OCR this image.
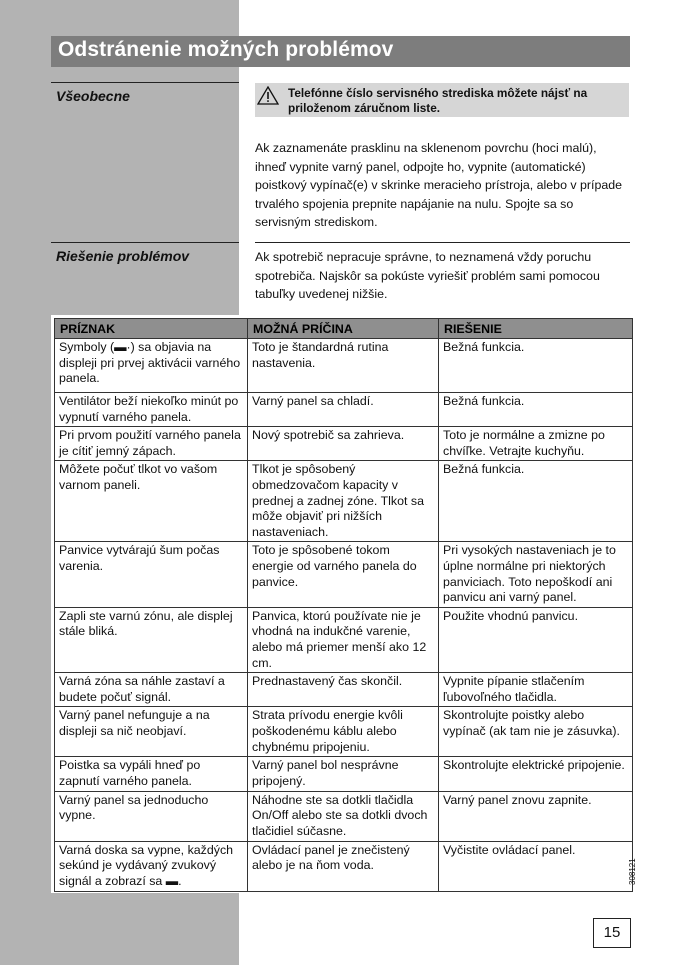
Odstránenie možných problémov
Všeobecne	Telefónne číslo servisného strediska môžete nájsť na priloženom záručnom liste.
Ak zaznamenáte prasklinu na sklenenom povrchu (hoci malú), ihneď vypnite varný panel, odpojte ho, vypnite (automatické) poistkový vypínač(e) v skrinke meracieho prístroja, alebo v prípade trvalého spojenia prepnite napájanie na nulu. Spojte sa so servisným strediskom.
Riešenie problémov	Ak spotrebič nepracuje správne, to neznamená vždy poruchu spotrebiča. Najskôr sa pokúste vyriešiť problém sami pomocou tabuľky uvedenej nižšie.
PRÍZNAK	MOŽNÁ PRÍČINA	RIEŠENIE
Symboly (▬·) sa objavia na displeji pri prvej aktivácii varného panela.	Toto je štandardná rutina nastavenia.	Bežná funkcia.
Ventilátor beží niekoľko minút po vypnutí varného panela.	Varný panel sa chladí.	Bežná funkcia.
Pri prvom použití varného panela je cítiť jemný zápach.	Nový spotrebič sa zahrieva.	Toto je normálne a zmizne po chvíľke. Vetrajte kuchyňu.
Môžete počuť tlkot vo vašom varnom paneli.	Tlkot je spôsobený obmedzovačom kapacity v prednej a zadnej zóne. Tlkot sa môže objaviť pri nižších nastaveniach.	Bežná funkcia.
Panvice vytvárajú šum počas varenia.	Toto je spôsobené tokom energie od varného panela do panvice.	Pri vysokých nastaveniach je to úplne normálne pri niektorých panviciach. Toto nepoškodí ani panvicu ani varný panel.
Zapli ste varnú zónu, ale displej stále bliká.	Panvica, ktorú používate nie je vhodná na indukčné varenie, alebo má priemer menší ako 12 cm.	Použite vhodnú panvicu.
Varná zóna sa náhle zastaví a budete počuť signál.	Prednastavený čas skončil.	Vypnite pípanie stlačením ľubovoľného tlačidla.
Varný panel nefunguje a na displeji sa nič neobjaví.	Strata prívodu energie kvôli poškodenému káblu alebo chybnému pripojeniu.	Skontrolujte poistky alebo vypínač (ak tam nie je zásuvka).
Poistka sa vypáli hneď po zapnutí varného panela.	Varný panel bol nesprávne pripojený.	Skontrolujte elektrické pripojenie.
Varný panel sa jednoducho vypne.	Náhodne ste sa dotkli tlačidla On/Off alebo ste sa dotkli dvoch tlačidiel súčasne.	Varný panel znovu zapnite.
Varná doska sa vypne, každých sekúnd je vydávaný zvukový signál a zobrazí sa ▬.	Ovládací panel je znečistený alebo je na ňom voda.	Vyčistite ovládací panel.
308121
15
